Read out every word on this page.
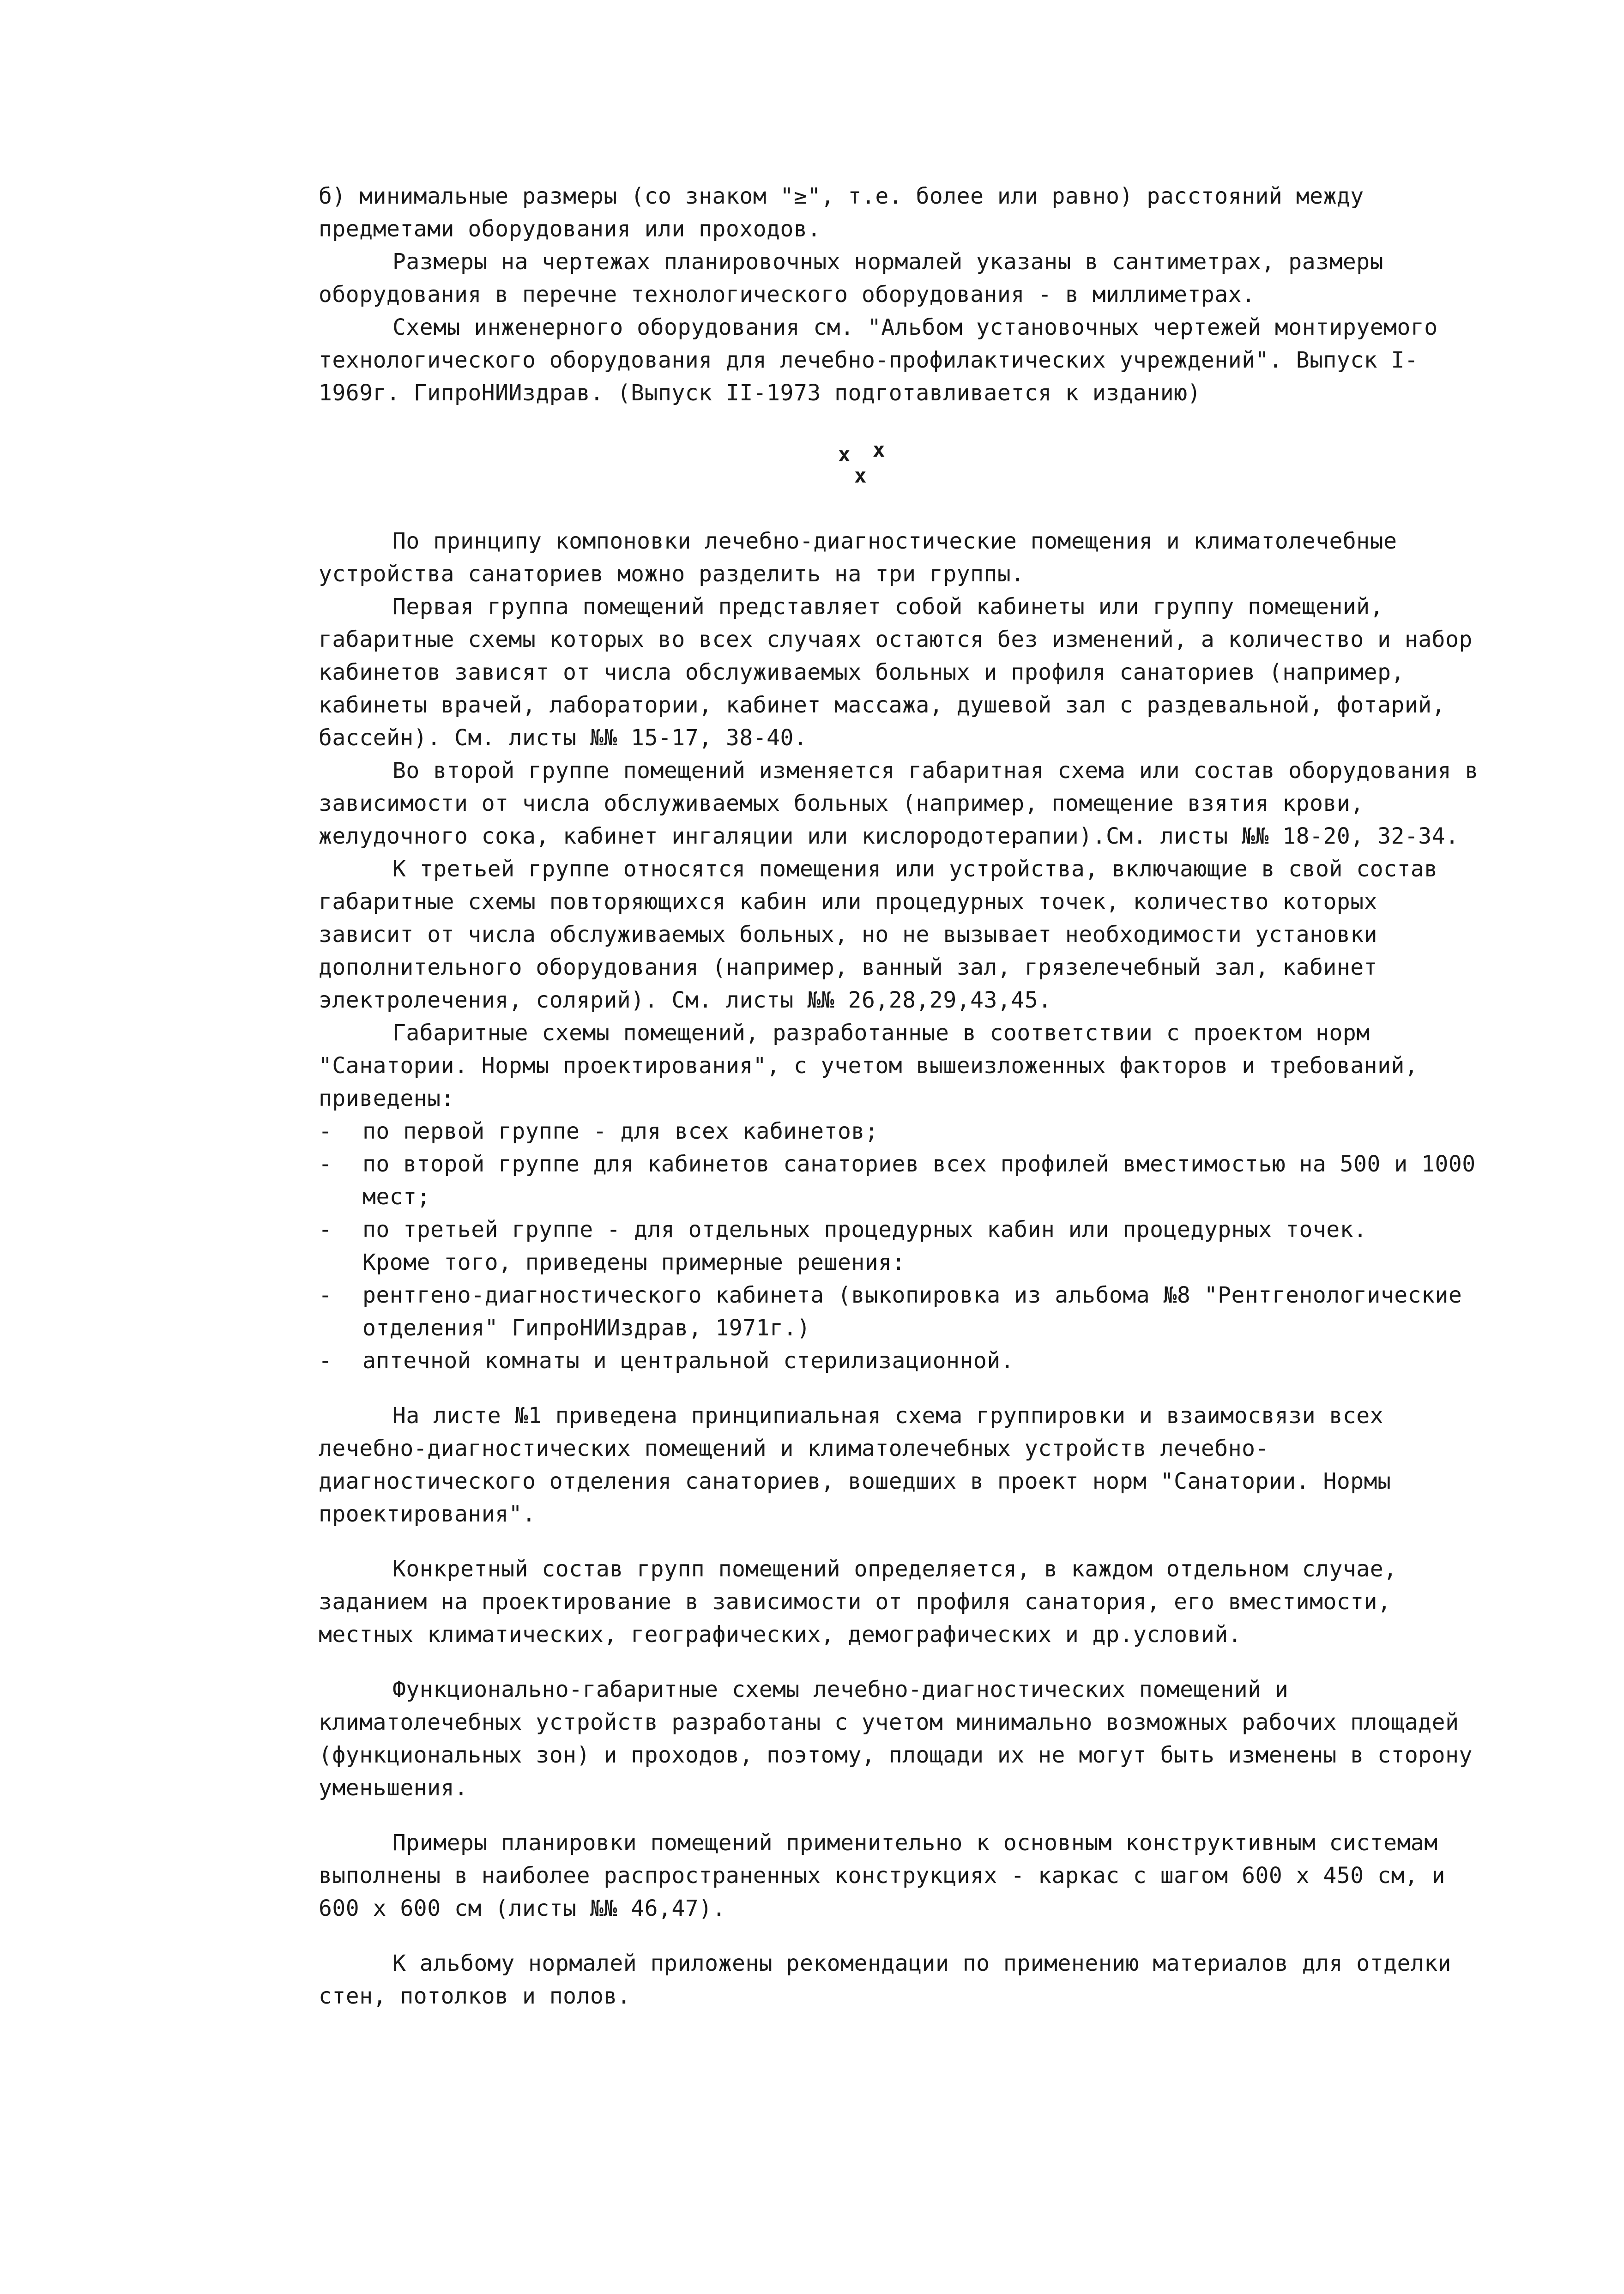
б) минимальные размеры (со знаком "≥", т.е. более или равно) расстояний между предметами оборудования или проходов.

Размеры на чертежах планировочных нормалей указаны в сантиметрах, размеры оборудования в перечне технологического оборудования - в миллиметрах.

Схемы инженерного оборудования см. "Альбом установочных чертежей монтируемого технологического оборудования для лечебно-профилактических учреждений". Выпуск I-1969г. ГипроНИИздрав. (Выпуск II-1973 подготавливается к изданию)

x x
x

По принципу компоновки лечебно-диагностические помещения и климатолечебные устройства санаториев можно разделить на три группы.

Первая группа помещений представляет собой кабинеты или группу помещений, габаритные схемы которых во всех случаях остаются без изменений, а количество и набор кабинетов зависят от числа обслуживаемых больных и профиля санаториев (например, кабинеты врачей, лаборатории, кабинет массажа, душевой зал с раздевальной, фотарий, бассейн). См. листы №№ 15-17, 38-40.

Во второй группе помещений изменяется габаритная схема или состав оборудования в зависимости от числа обслуживаемых больных (например, помещение взятия крови, желудочного сока, кабинет ингаляции или кислородотерапии).См. листы №№ 18-20, 32-34.

К третьей группе относятся помещения или устройства, включающие в свой состав габаритные схемы повторяющихся кабин или процедурных точек, количество которых зависит от числа обслуживаемых больных, но не вызывает необходимости установки дополнительного оборудования (например, ванный зал, грязелечебный зал, кабинет электролечения, солярий). См. листы №№ 26,28,29,43,45.

Габаритные схемы помещений, разработанные в соответствии с проектом норм "Санатории. Нормы проектирования", с учетом вышеизложенных факторов и требований, приведены:

- по первой группе - для всех кабинетов;

- по второй группе для кабинетов санаториев всех профилей вместимостью на 500 и 1000 мест;

- по третьей группе - для отдельных процедурных кабин или процедурных точек.

Кроме того, приведены примерные решения:

- рентгено-диагностического кабинета (выкопировка из альбома №8 "Рентгенологические отделения" ГипроНИИздрав, 1971г.)

- аптечной комнаты и центральной стерилизационной.

На листе №1 приведена принципиальная схема группировки и взаимосвязи всех лечебно-диагностических помещений и климатолечебных устройств лечебно-диагностического отделения санаториев, вошедших в проект норм "Санатории. Нормы проектирования".

Конкретный состав групп помещений определяется, в каждом отдельном случае, заданием на проектирование в зависимости от профиля санатория, его вместимости, местных климатических, географических, демографических и др.условий.

Функционально-габаритные схемы лечебно-диагностических помещений и климатолечебных устройств разработаны с учетом минимально возможных рабочих площадей (функциональных зон) и проходов, поэтому, площади их не могут быть изменены в сторону уменьшения.

Примеры планировки помещений применительно к основным конструктивным системам выполнены в наиболее распространенных конструкциях - каркас с шагом 600 x 450 см, и 600 x 600 см (листы №№ 46,47).

К альбому нормалей приложены рекомендации по применению материалов для отделки стен, потолков и полов.
